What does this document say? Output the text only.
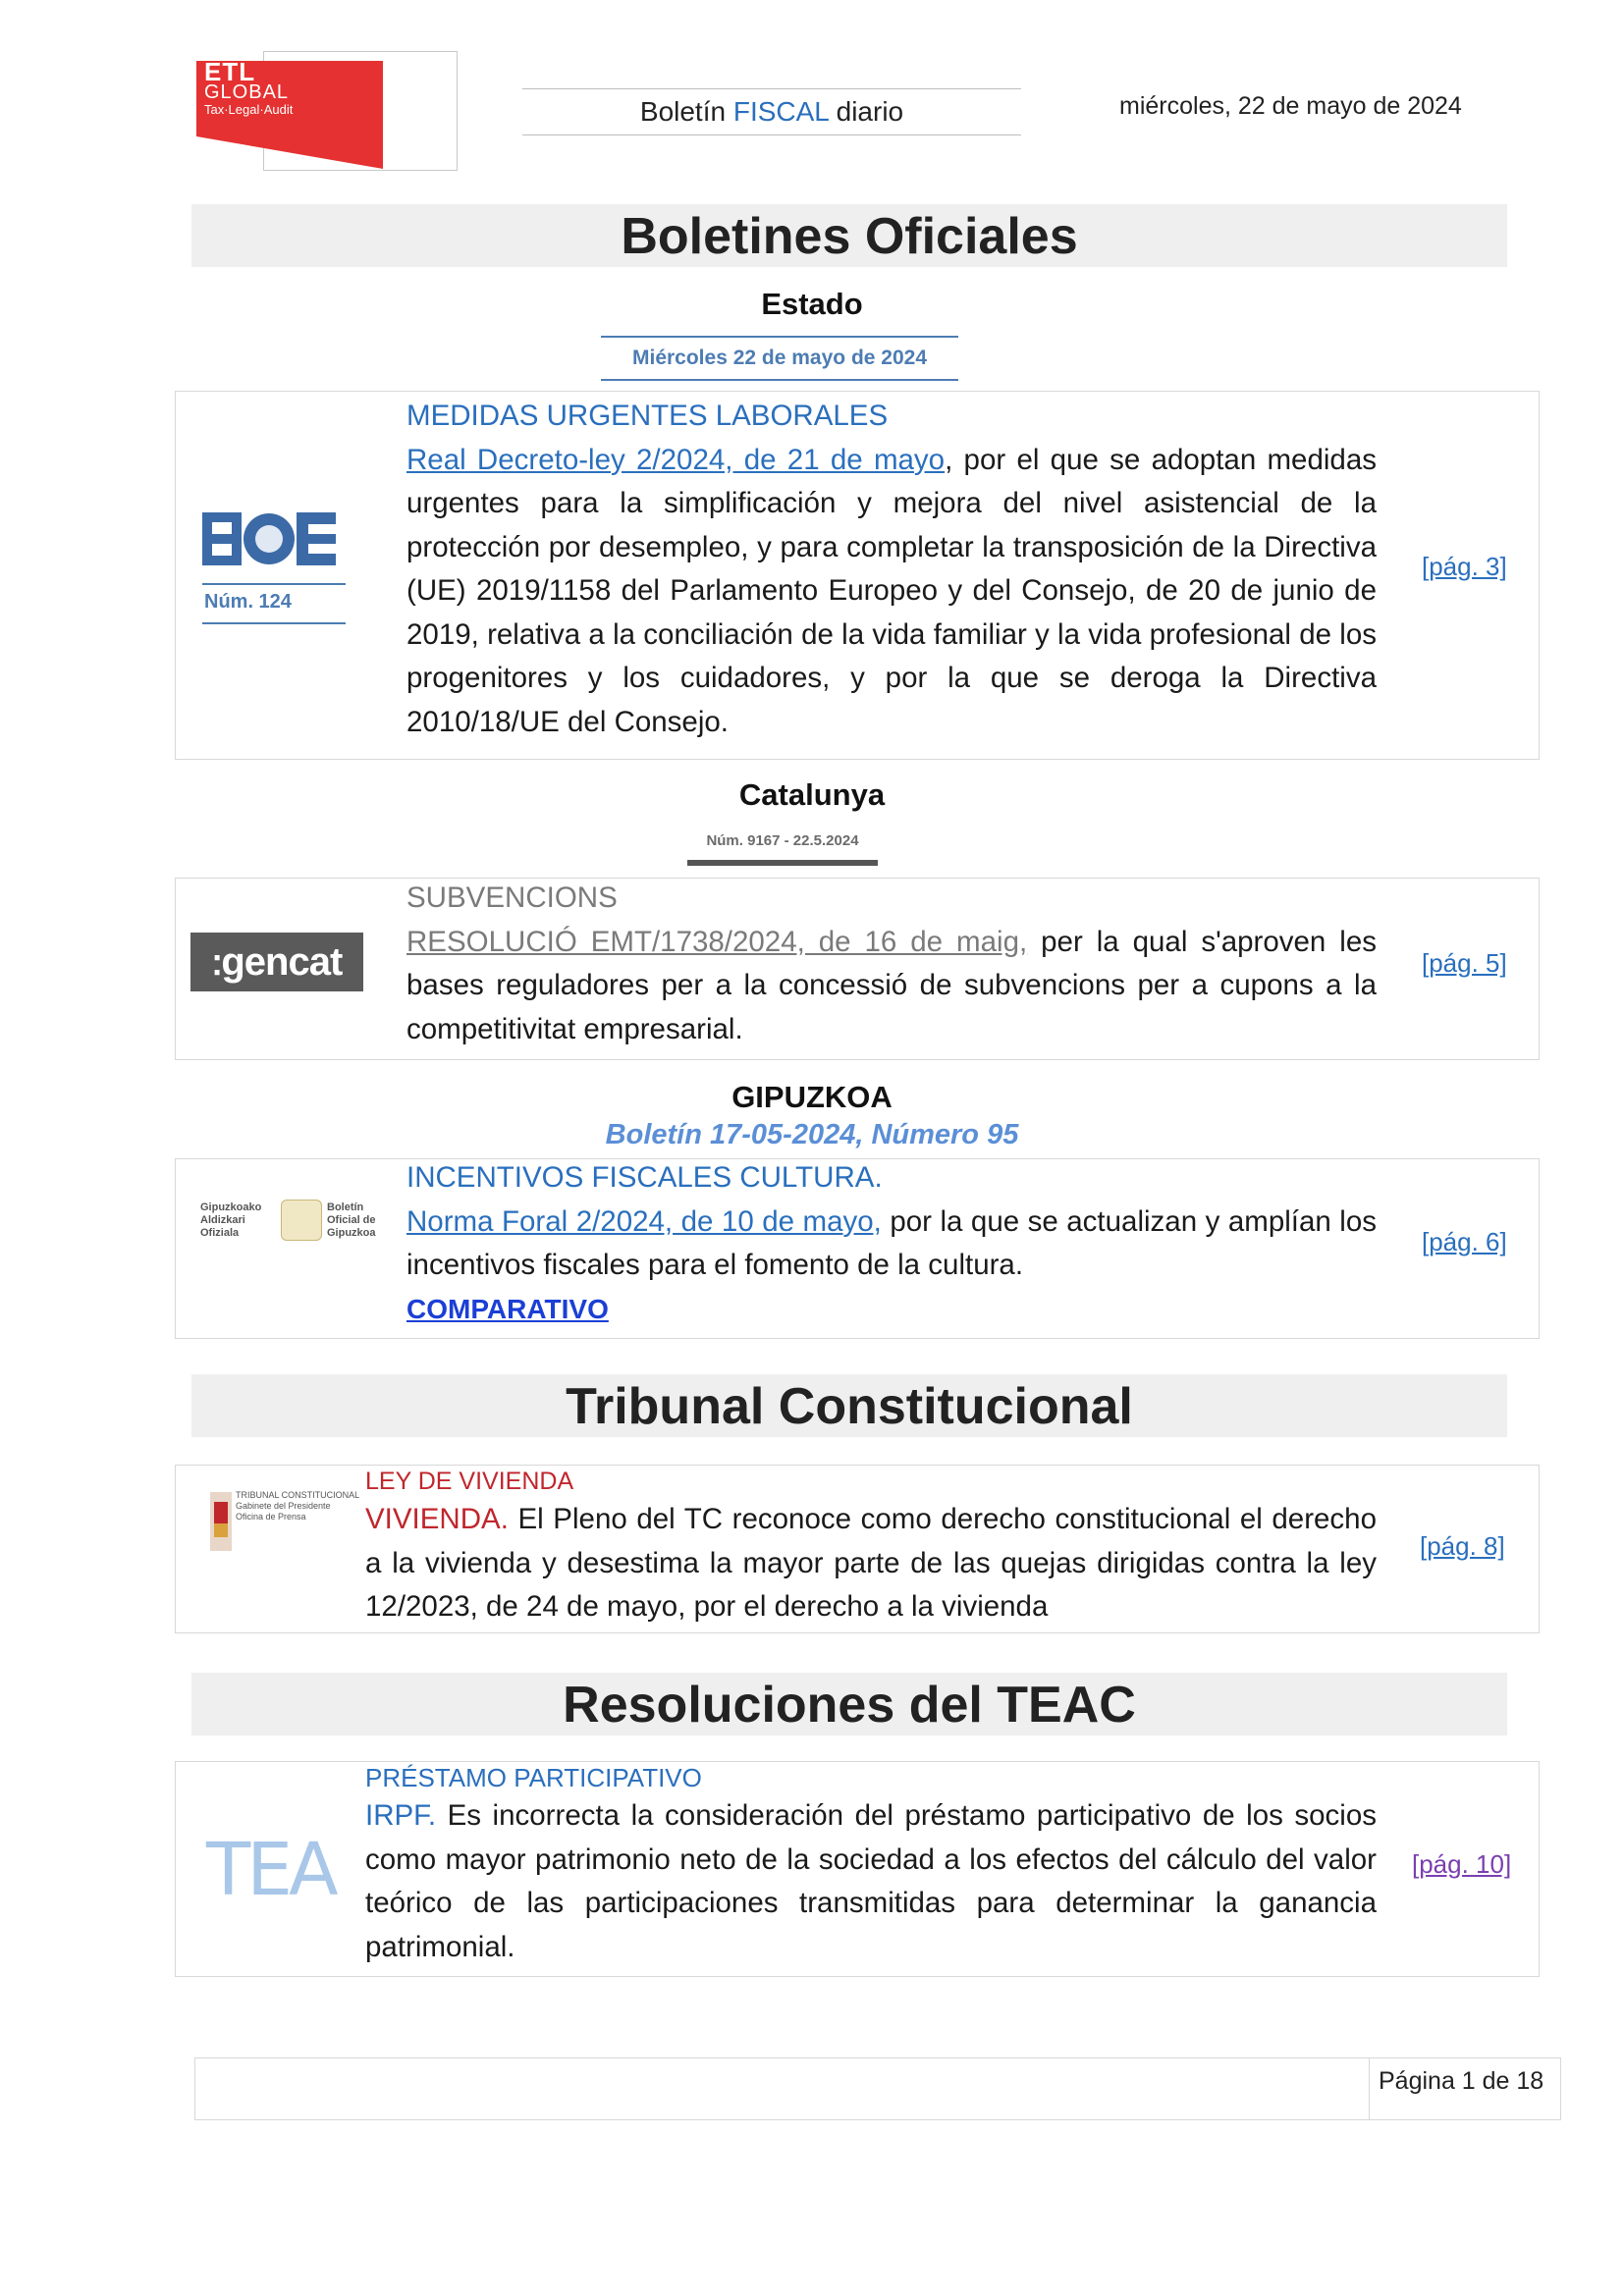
ETL
GLOBAL
Tax·Legal·Audit	Boletín FISCAL diario	miércoles, 22 de mayo de 2024
Boletines Oficiales
Estado
Miércoles 22 de mayo de 2024
Núm. 124
MEDIDAS URGENTES LABORALES
Real Decreto-ley 2/2024, de 21 de mayo, por el que se adoptan medidas urgentes para la simplificación y mejora del nivel asistencial de la protección por desempleo, y para completar la transposición de la Directiva (UE) 2019/1158 del Parlamento Europeo y del Consejo, de 20 de junio de 2019, relativa a la conciliación de la vida familiar y la vida profesional de los progenitores y los cuidadores, y por la que se deroga la Directiva 2010/18/UE del Consejo.
[pág. 3]
Catalunya
Núm. 9167 - 22.5.2024
⁚gencat
SUBVENCIONS
RESOLUCIÓ EMT/1738/2024, de 16 de maig, per la qual s'aproven les bases reguladores per a la concessió de subvencions per a cupons a la competitivitat empresarial.
[pág. 5]
GIPUZKOA
Boletín 17-05-2024, Número 95
Gipuzkoako
Aldizkari
Ofiziala
Boletín
Oficial de
Gipuzkoa
INCENTIVOS FISCALES CULTURA.
Norma Foral 2/2024, de 10 de mayo, por la que se actualizan y amplían los incentivos fiscales para el fomento de la cultura.
COMPARATIVO
[pág. 6]
Tribunal Constitucional
TRIBUNAL CONSTITUCIONAL
Gabinete del Presidente
Oficina de Prensa
LEY DE VIVIENDA
VIVIENDA. El Pleno del TC reconoce como derecho constitucional el derecho a la vivienda y desestima la mayor parte de las quejas dirigidas contra la ley 12/2023, de 24 de mayo, por el derecho a la vivienda
[pág. 8]
Resoluciones del TEAC
TEA
PRÉSTAMO PARTICIPATIVO
IRPF. Es incorrecta la consideración del préstamo participativo de los socios como mayor patrimonio neto de la sociedad a los efectos del cálculo del valor teórico de las participaciones transmitidas para determinar la ganancia patrimonial.
[pág. 10]
Página 1 de 18
